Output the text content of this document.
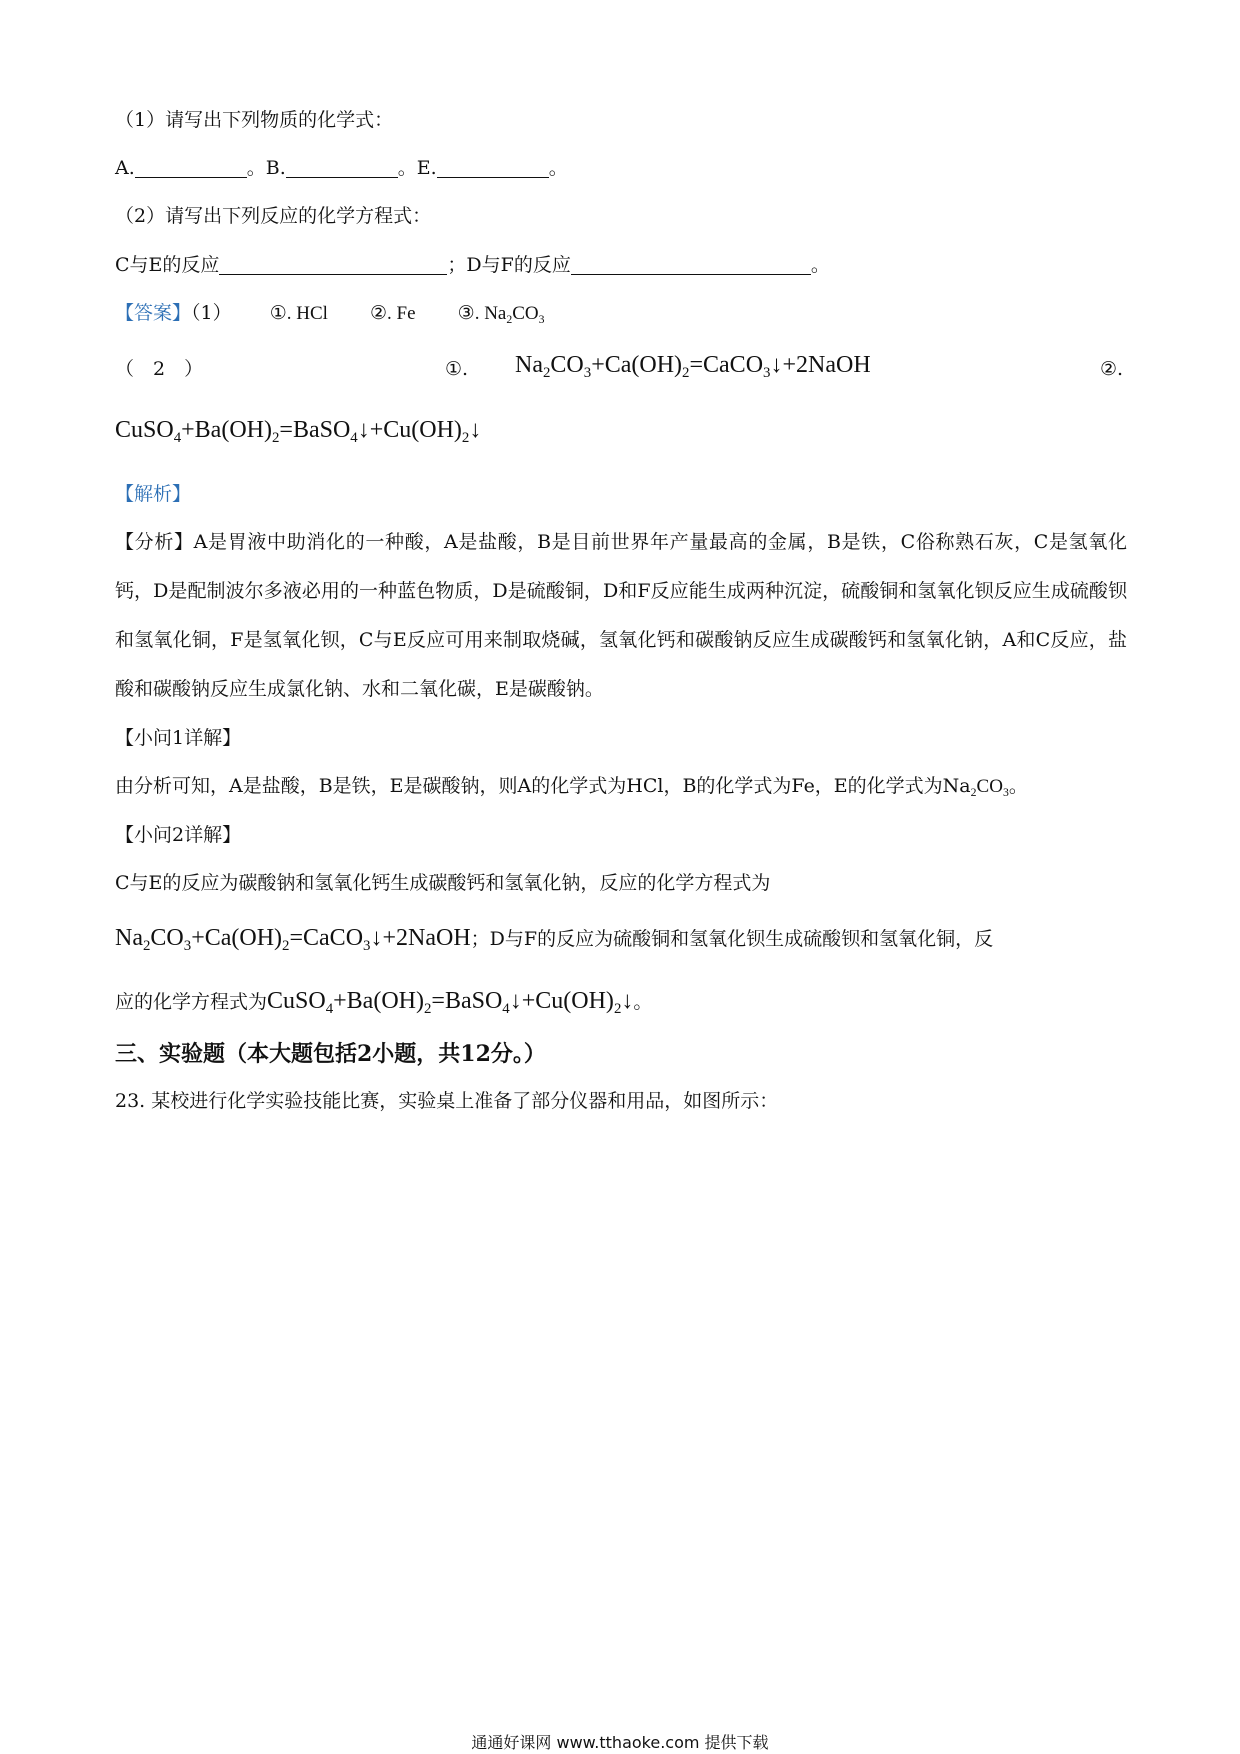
（1）请写出下列物质的化学式：
A.	。B.	。E.	。
（2）请写出下列反应的化学方程式：
C与E的反应	；D与F的反应	。
【答案】（1） ①. HCl ②. Fe ③. $Na_2CO_3$
（　2　）	①. $Na_2CO_3+Ca(OH)_2=CaCO_3↓+2NaOH$	②.
$CuSO_4+Ba(OH)_2=BaSO_4↓+Cu(OH)_2↓$
【解析】
【分析】A是胃液中助消化的一种酸，A是盐酸，B是目前世界年产量最高的金属，B是铁，C俗称熟石灰，C是氢氧化钙，D是配制波尔多液必用的一种蓝色物质，D是硫酸铜，D和F反应能生成两种沉淀，硫酸铜和氢氧化钡反应生成硫酸钡和氢氧化铜，F是氢氧化钡，C与E反应可用来制取烧碱，氢氧化钙和碳酸钠反应生成碳酸钙和氢氧化钠，A和C反应，盐酸和碳酸钠反应生成氯化钠、水和二氧化碳，E是碳酸钠。
【小问1详解】
由分析可知，A是盐酸，B是铁，E是碳酸钠，则A的化学式为HCl，B的化学式为Fe，E的化学式为$Na_2CO_3$。
【小问2详解】
C与E的反应为碳酸钠和氢氧化钙生成碳酸钙和氢氧化钠，反应的化学方程式为
$Na_2CO_3+Ca(OH)_2=CaCO_3↓+2NaOH$；D与F的反应为硫酸铜和氢氧化钡生成硫酸钡和氢氧化铜，反
应的化学方程式为$CuSO_4+Ba(OH)_2=BaSO_4↓+Cu(OH)_2↓$。
三、实验题（本大题包括2小题，共12分。）
23. 某校进行化学实验技能比赛，实验桌上准备了部分仪器和用品，如图所示：
通通好课网 www.tthaoke.com 提供下载
